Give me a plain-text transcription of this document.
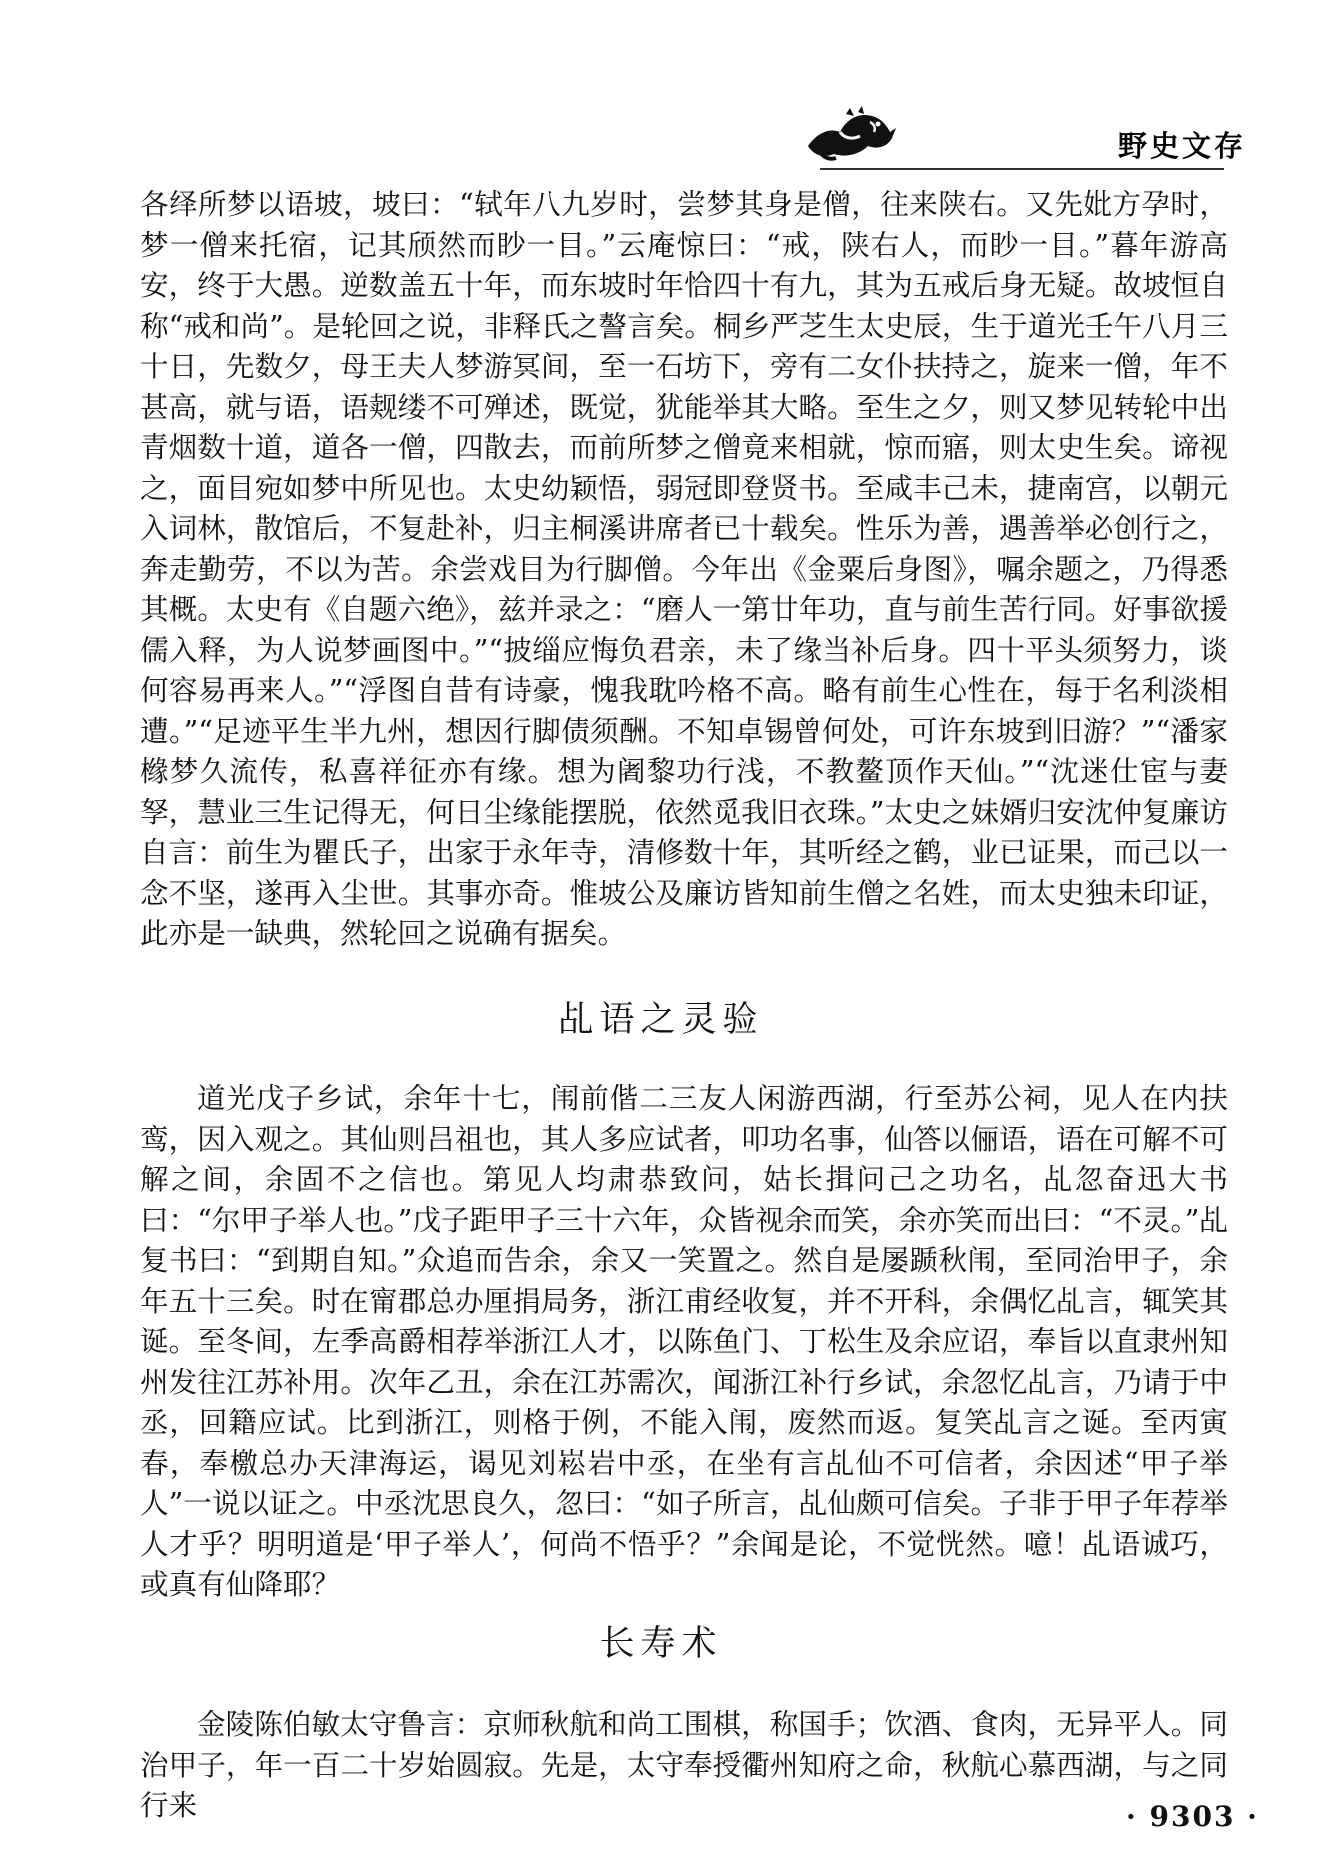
野史文存

各绎所梦以语坡，坡曰：“轼年八九岁时，尝梦其身是僧，往来陕右。又先妣方孕时，梦一僧来托宿，记其颀然而眇一目。”云庵惊曰：“戒，陕右人，而眇一目。”暮年游高安，终于大愚。逆数盖五十年，而东坡时年恰四十有九，其为五戒后身无疑。故坡恒自称“戒和尚”。是轮回之说，非释氏之謷言矣。桐乡严芝生太史辰，生于道光壬午八月三十日，先数夕，母王夫人梦游冥间，至一石坊下，旁有二女仆扶持之，旋来一僧，年不甚高，就与语，语觌缕不可殚述，既觉，犹能举其大略。至生之夕，则又梦见转轮中出青烟数十道，道各一僧，四散去，而前所梦之僧竟来相就，惊而寤，则太史生矣。谛视之，面目宛如梦中所见也。太史幼颖悟，弱冠即登贤书。至咸丰己未，捷南宫，以朝元入词林，散馆后，不复赴补，归主桐溪讲席者已十载矣。性乐为善，遇善举必创行之，奔走勤劳，不以为苦。余尝戏目为行脚僧。今年出《金粟后身图》，嘱余题之，乃得悉其概。太史有《自题六绝》，兹并录之：“磨人一第廿年功，直与前生苦行同。好事欲援儒入释，为人说梦画图中。”“披缁应悔负君亲，未了缘当补后身。四十平头须努力，谈何容易再来人。”“浮图自昔有诗豪，愧我耽吟格不高。略有前生心性在，每于名利淡相遭。”“足迹平生半九州，想因行脚债须酬。不知卓锡曾何处，可许东坡到旧游？”“潘家橼梦久流传，私喜祥征亦有缘。想为阇黎功行浅，不教鳌顶作天仙。”“沈迷仕宦与妻孥，慧业三生记得无，何日尘缘能摆脱，依然觅我旧衣珠。”太史之妹婿归安沈仲复廉访自言：前生为瞿氏子，出家于永年寺，清修数十年，其听经之鹤，业已证果，而己以一念不坚，遂再入尘世。其事亦奇。惟坡公及廉访皆知前生僧之名姓，而太史独未印证，此亦是一缺典，然轮回之说确有据矣。

乩语之灵验

道光戊子乡试，余年十七，闱前偕二三友人闲游西湖，行至苏公祠，见人在内扶鸾，因入观之。其仙则吕祖也，其人多应试者，叩功名事，仙答以俪语，语在可解不可解之间，余固不之信也。第见人均肃恭致问，姑长揖问己之功名，乩忽奋迅大书曰：“尔甲子举人也。”戊子距甲子三十六年，众皆视余而笑，余亦笑而出曰：“不灵。”乩复书曰：“到期自知。”众追而告余，余又一笑置之。然自是屡踬秋闱，至同治甲子，余年五十三矣。时在甯郡总办厘捐局务，浙江甫经收复，并不开科，余偶忆乩言，辄笑其诞。至冬间，左季高爵相荐举浙江人才，以陈鱼门、丁松生及余应诏，奉旨以直隶州知州发往江苏补用。次年乙丑，余在江苏需次，闻浙江补行乡试，余忽忆乩言，乃请于中丞，回籍应试。比到浙江，则格于例，不能入闱，废然而返。复笑乩言之诞。至丙寅春，奉檄总办天津海运，谒见刘崧岩中丞，在坐有言乩仙不可信者，余因述“甲子举人”一说以证之。中丞沈思良久，忽曰：“如子所言，乩仙颇可信矣。子非于甲子年荐举人才乎？明明道是‘甲子举人’，何尚不悟乎？”余闻是论，不觉恍然。噫！乩语诚巧，或真有仙降耶？

长寿术

金陵陈伯敏太守鲁言：京师秋航和尚工围棋，称国手；饮酒、食肉，无异平人。同治甲子，年一百二十岁始圆寂。先是，太守奉授衢州知府之命，秋航心慕西湖，与之同行来	· 9303 ·
